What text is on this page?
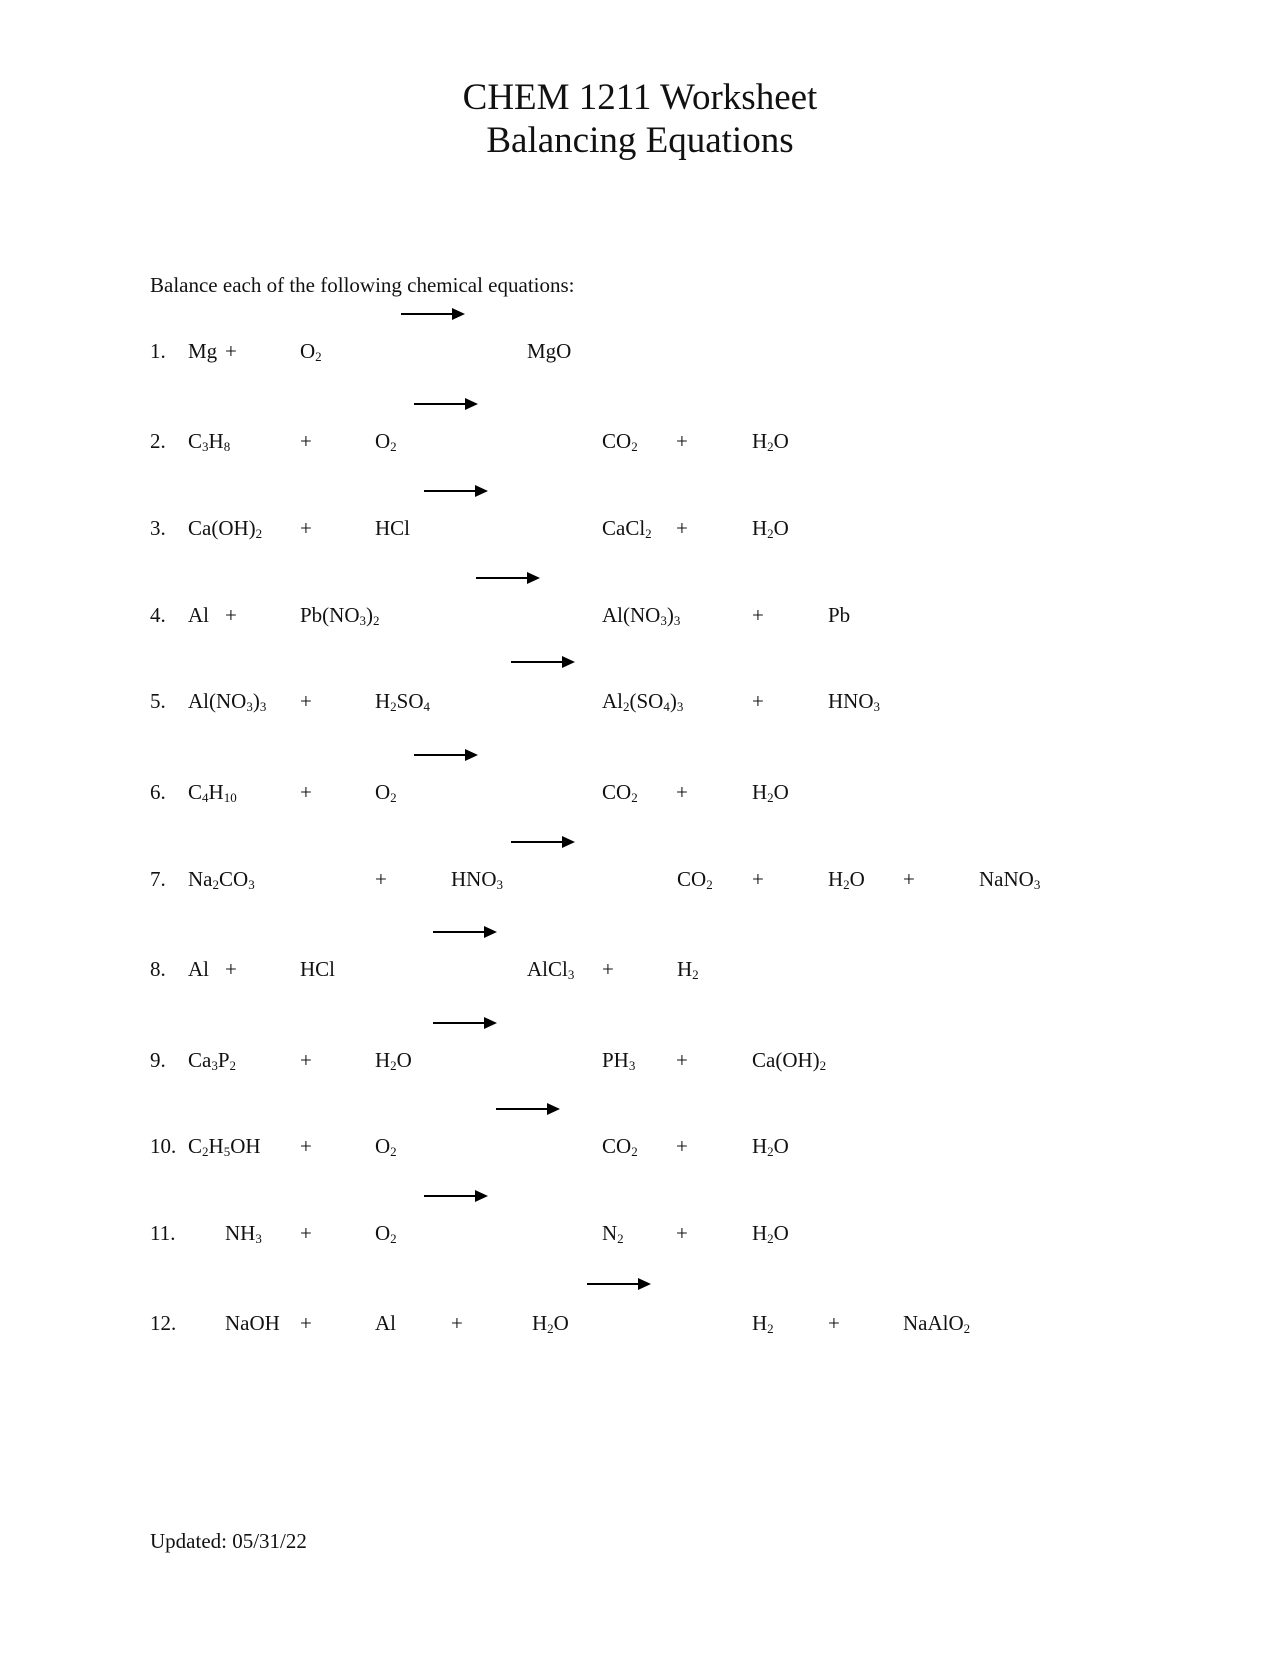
CHEM 1211 Worksheet
Balancing Equations
Balance each of the following chemical equations:
1. Mg +	$O_2$	MgO
2. $C_3H_8$	+	$O_2$	$CO_2$ +	$H_2O$
3. $Ca(OH)_2$ +	HCl	CaCl$_2$ +	$H_2O$
4. Al +	$Pb(NO_3)_2$	$Al(NO_3)_3$	+	Pb
5. $Al(NO_3)_3$ +	$H_2SO_4$	$Al_2(SO_4)_3$	+	$HNO_3$
6. $C_4H_{10}$	+	$O_2$	$CO_2$ +	$H_2O$
7. $Na_2CO_3$	+	$HNO_3$	$CO_2$ +	$H_2O$ +	NaNO$_3$
8. Al +	HCl	AlCl$_3$ +	$H_2$
9. $Ca_3P_2$	+	$H_2O$	$PH_3$ +	$Ca(OH)_2$
10. $C_2H_5OH$ +	$O_2$	$CO_2$ +	$H_2O$
11. $NH_3$ +	$O_2$	$N_2$ +	$H_2O$
12. NaOH +	Al	+	$H_2O$	$H_2$	+	NaAlO$_2$
Updated: 05/31/22
